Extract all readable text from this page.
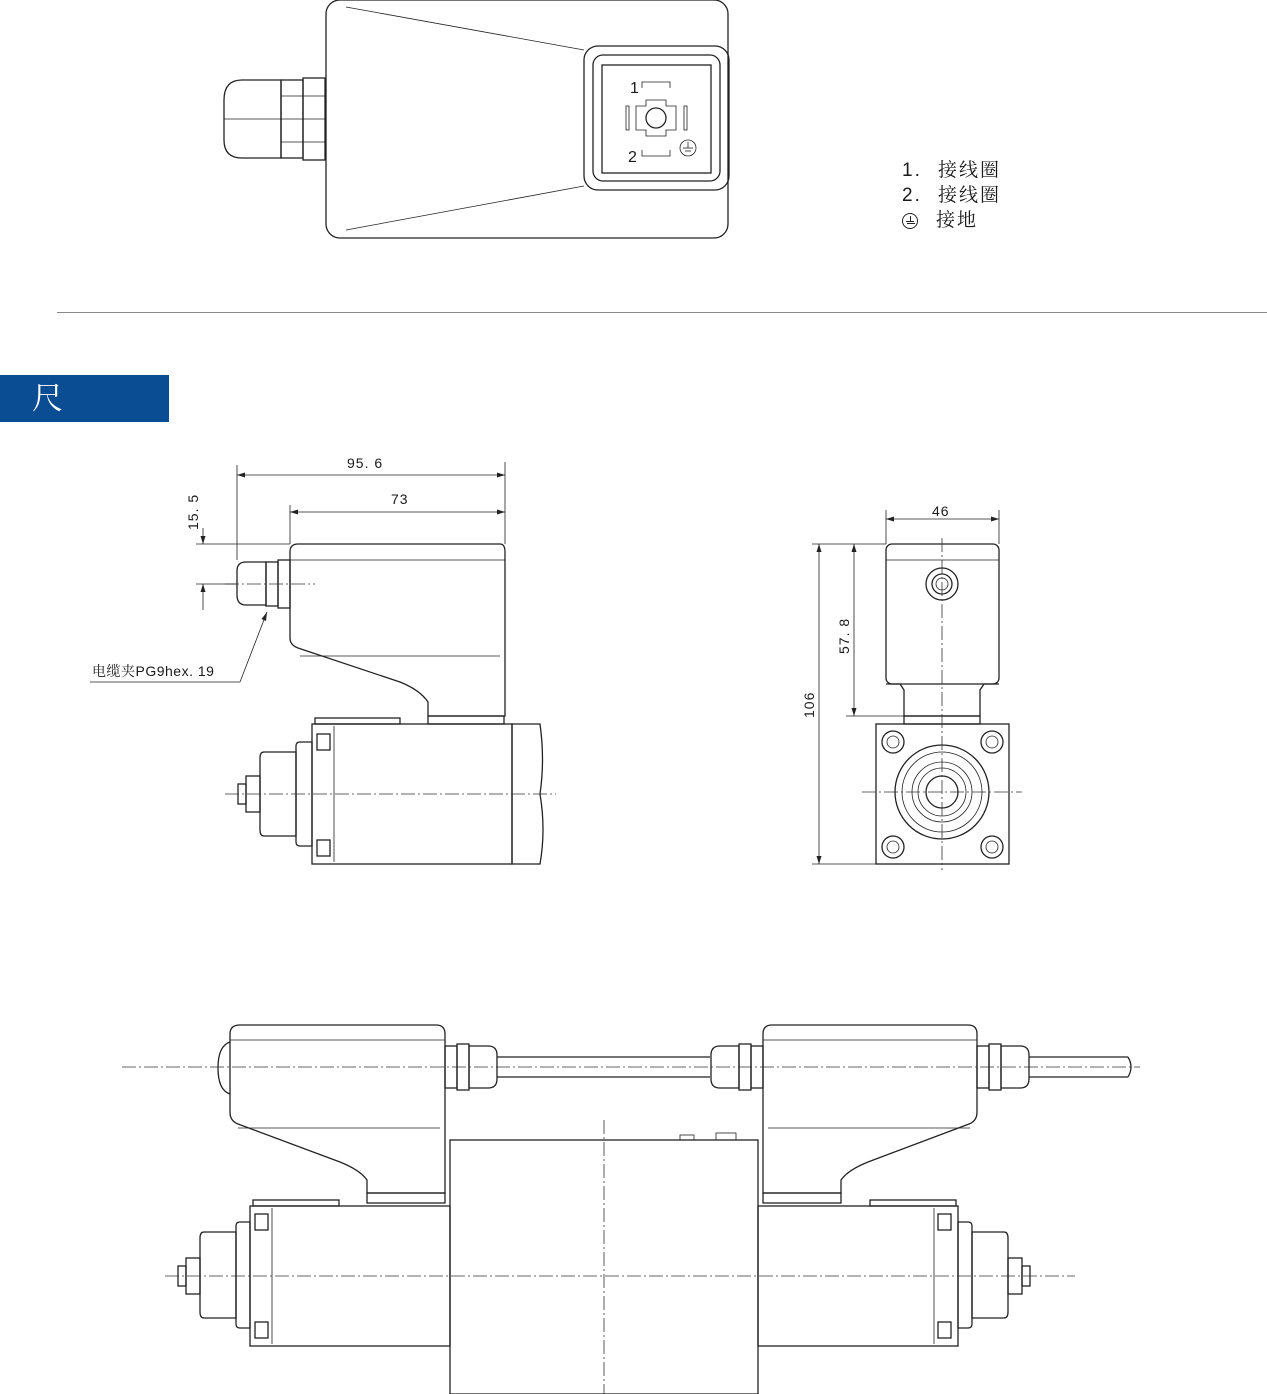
1
2
95. 6
73
15. 5
电缆夹PG9hex. 19
46
106
57. 8
1. 接线圈
2. 接线圈
接地
尺 寸
